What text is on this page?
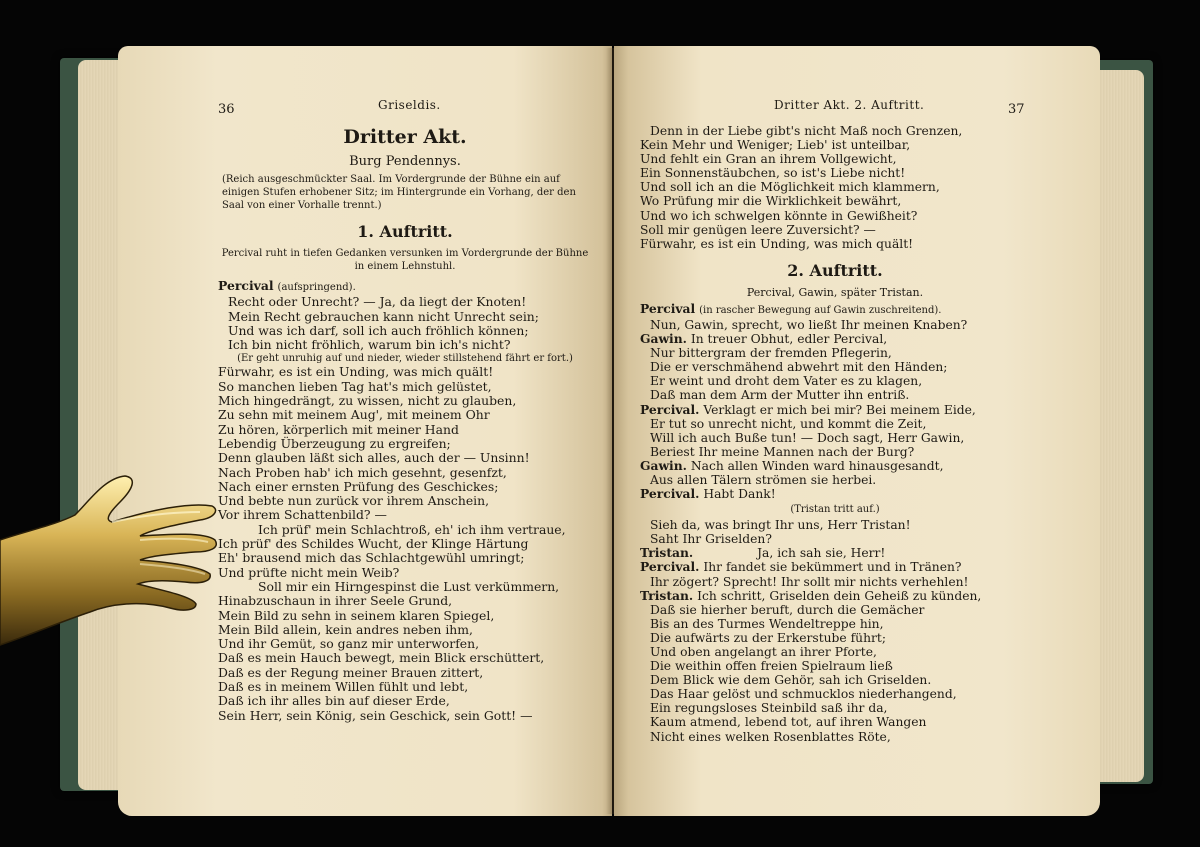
36	Griseldis.
Dritter Akt.
Burg Pendennys.
(Reich ausgeschmückter Saal. Im Vordergrunde der Bühne ein auf einigen Stufen erhobener Sitz; im Hintergrunde ein Vorhang, der den Saal von einer Vorhalle trennt.)
1. Auftritt.
Percival ruht in tiefen Gedanken versunken im Vordergrunde der Bühne in einem Lehnstuhl.
Percival (aufspringend).
Recht oder Unrecht? — Ja, da liegt der Knoten!
Mein Recht gebrauchen kann nicht Unrecht sein;
Und was ich darf, soll ich auch fröhlich können;
Ich bin nicht fröhlich, warum bin ich's nicht?
(Er geht unruhig auf und nieder, wieder stillstehend fährt er fort.)
Fürwahr, es ist ein Unding, was mich quält!
So manchen lieben Tag hat's mich gelüstet,
Mich hingedrängt, zu wissen, nicht zu glauben,
Zu sehn mit meinem Aug', mit meinem Ohr
Zu hören, körperlich mit meiner Hand
Lebendig Überzeugung zu ergreifen;
Denn glauben läßt sich alles, auch der — Unsinn!
Nach Proben hab' ich mich gesehnt, gesenfzt,
Nach einer ernsten Prüfung des Geschickes;
Und bebte nun zurück vor ihrem Anschein,
Vor ihrem Schattenbild? —
Ich prüf' mein Schlachtroß, eh' ich ihm vertraue,
Ich prüf' des Schildes Wucht, der Klinge Härtung
Eh' brausend mich das Schlachtgewühl umringt;
Und prüfte nicht mein Weib?
Soll mir ein Hirngespinst die Lust verkümmern,
Hinabzuschaun in ihrer Seele Grund,
Mein Bild zu sehn in seinem klaren Spiegel,
Mein Bild allein, kein andres neben ihm,
Und ihr Gemüt, so ganz mir unterworfen,
Daß es mein Hauch bewegt, mein Blick erschüttert,
Daß es der Regung meiner Brauen zittert,
Daß es in meinem Willen fühlt und lebt,
Daß ich ihr alles bin auf dieser Erde,
Sein Herr, sein König, sein Geschick, sein Gott! —
Dritter Akt. 2. Auftritt.	37
Denn in der Liebe gibt's nicht Maß noch Grenzen,
Kein Mehr und Weniger; Lieb' ist unteilbar,
Und fehlt ein Gran an ihrem Vollgewicht,
Ein Sonnenstäubchen, so ist's Liebe nicht!
Und soll ich an die Möglichkeit mich klammern,
Wo Prüfung mir die Wirklichkeit bewährt,
Und wo ich schwelgen könnte in Gewißheit?
Soll mir genügen leere Zuversicht? —
Fürwahr, es ist ein Unding, was mich quält!
2. Auftritt.
Percival, Gawin, später Tristan.
Percival (in rascher Bewegung auf Gawin zuschreitend).
Nun, Gawin, sprecht, wo ließt Ihr meinen Knaben?
Gawin. In treuer Obhut, edler Percival,
Nur bittergram der fremden Pflegerin,
Die er verschmähend abwehrt mit den Händen;
Er weint und droht dem Vater es zu klagen,
Daß man dem Arm der Mutter ihn entriß.
Percival. Verklagt er mich bei mir? Bei meinem Eide,
Er tut so unrecht nicht, und kommt die Zeit,
Will ich auch Buße tun! — Doch sagt, Herr Gawin,
Beriest Ihr meine Mannen nach der Burg?
Gawin. Nach allen Winden ward hinausgesandt,
Aus allen Tälern strömen sie herbei.
Percival. Habt Dank!
(Tristan tritt auf.)
Sieh da, was bringt Ihr uns, Herr Tristan!
Saht Ihr Griselden?
Tristan.	Ja, ich sah sie, Herr!
Percival. Ihr fandet sie bekümmert und in Tränen?
Ihr zögert? Sprecht! Ihr sollt mir nichts verhehlen!
Tristan. Ich schritt, Griselden dein Geheiß zu künden,
Daß sie hierher beruft, durch die Gemächer
Bis an des Turmes Wendeltreppe hin,
Die aufwärts zu der Erkerstube führt;
Und oben angelangt an ihrer Pforte,
Die weithin offen freien Spielraum ließ
Dem Blick wie dem Gehör, sah ich Griselden.
Das Haar gelöst und schmucklos niederhangend,
Ein regungsloses Steinbild saß ihr da,
Kaum atmend, lebend tot, auf ihren Wangen
Nicht eines welken Rosenblattes Röte,
